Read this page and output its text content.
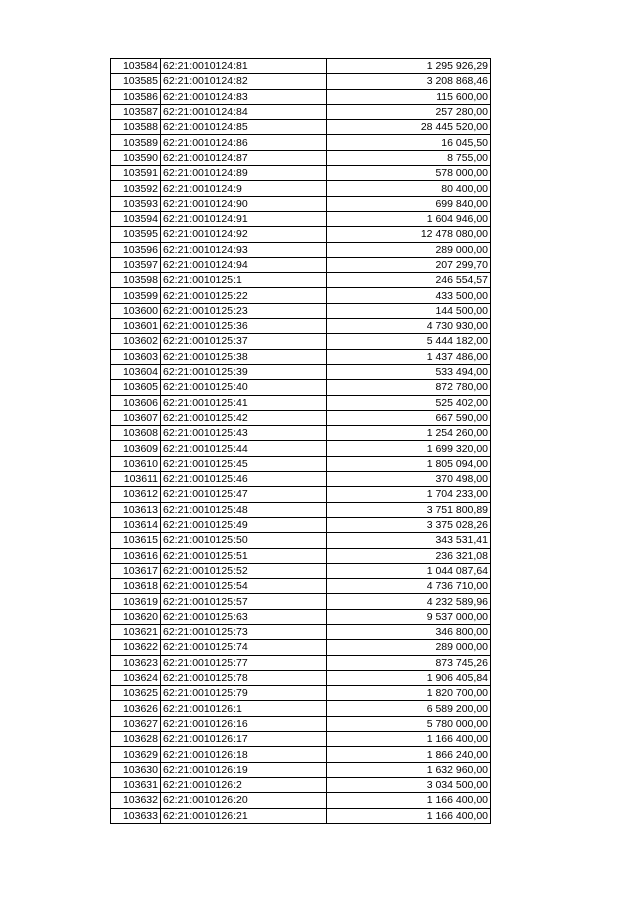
103584	62:21:0010124:81	1 295 926,29
103585	62:21:0010124:82	3 208 868,46
103586	62:21:0010124:83	115 600,00
103587	62:21:0010124:84	257 280,00
103588	62:21:0010124:85	28 445 520,00
103589	62:21:0010124:86	16 045,50
103590	62:21:0010124:87	8 755,00
103591	62:21:0010124:89	578 000,00
103592	62:21:0010124:9	80 400,00
103593	62:21:0010124:90	699 840,00
103594	62:21:0010124:91	1 604 946,00
103595	62:21:0010124:92	12 478 080,00
103596	62:21:0010124:93	289 000,00
103597	62:21:0010124:94	207 299,70
103598	62:21:0010125:1	246 554,57
103599	62:21:0010125:22	433 500,00
103600	62:21:0010125:23	144 500,00
103601	62:21:0010125:36	4 730 930,00
103602	62:21:0010125:37	5 444 182,00
103603	62:21:0010125:38	1 437 486,00
103604	62:21:0010125:39	533 494,00
103605	62:21:0010125:40	872 780,00
103606	62:21:0010125:41	525 402,00
103607	62:21:0010125:42	667 590,00
103608	62:21:0010125:43	1 254 260,00
103609	62:21:0010125:44	1 699 320,00
103610	62:21:0010125:45	1 805 094,00
103611	62:21:0010125:46	370 498,00
103612	62:21:0010125:47	1 704 233,00
103613	62:21:0010125:48	3 751 800,89
103614	62:21:0010125:49	3 375 028,26
103615	62:21:0010125:50	343 531,41
103616	62:21:0010125:51	236 321,08
103617	62:21:0010125:52	1 044 087,64
103618	62:21:0010125:54	4 736 710,00
103619	62:21:0010125:57	4 232 589,96
103620	62:21:0010125:63	9 537 000,00
103621	62:21:0010125:73	346 800,00
103622	62:21:0010125:74	289 000,00
103623	62:21:0010125:77	873 745,26
103624	62:21:0010125:78	1 906 405,84
103625	62:21:0010125:79	1 820 700,00
103626	62:21:0010126:1	6 589 200,00
103627	62:21:0010126:16	5 780 000,00
103628	62:21:0010126:17	1 166 400,00
103629	62:21:0010126:18	1 866 240,00
103630	62:21:0010126:19	1 632 960,00
103631	62:21:0010126:2	3 034 500,00
103632	62:21:0010126:20	1 166 400,00
103633	62:21:0010126:21	1 166 400,00
